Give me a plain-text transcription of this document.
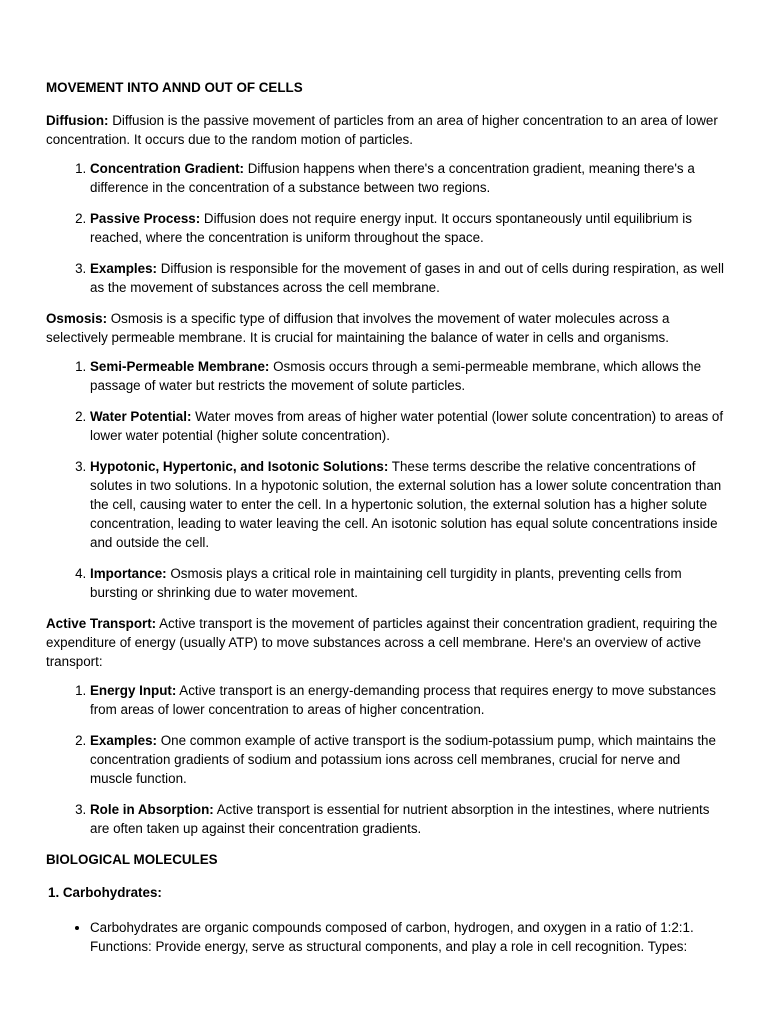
MOVEMENT INTO ANND OUT OF CELLS

Diffusion: Diffusion is the passive movement of particles from an area of higher concentration to an area of lower concentration. It occurs due to the random motion of particles.

1. Concentration Gradient: Diffusion happens when there's a concentration gradient, meaning there's a difference in the concentration of a substance between two regions.
2. Passive Process: Diffusion does not require energy input. It occurs spontaneously until equilibrium is reached, where the concentration is uniform throughout the space.
3. Examples: Diffusion is responsible for the movement of gases in and out of cells during respiration, as well as the movement of substances across the cell membrane.

Osmosis: Osmosis is a specific type of diffusion that involves the movement of water molecules across a selectively permeable membrane. It is crucial for maintaining the balance of water in cells and organisms.

1. Semi-Permeable Membrane: Osmosis occurs through a semi-permeable membrane, which allows the passage of water but restricts the movement of solute particles.
2. Water Potential: Water moves from areas of higher water potential (lower solute concentration) to areas of lower water potential (higher solute concentration).
3. Hypotonic, Hypertonic, and Isotonic Solutions: These terms describe the relative concentrations of solutes in two solutions. In a hypotonic solution, the external solution has a lower solute concentration than the cell, causing water to enter the cell. In a hypertonic solution, the external solution has a higher solute concentration, leading to water leaving the cell. An isotonic solution has equal solute concentrations inside and outside the cell.
4. Importance: Osmosis plays a critical role in maintaining cell turgidity in plants, preventing cells from bursting or shrinking due to water movement.

Active Transport: Active transport is the movement of particles against their concentration gradient, requiring the expenditure of energy (usually ATP) to move substances across a cell membrane. Here's an overview of active transport:

1. Energy Input: Active transport is an energy-demanding process that requires energy to move substances from areas of lower concentration to areas of higher concentration.
2. Examples: One common example of active transport is the sodium-potassium pump, which maintains the concentration gradients of sodium and potassium ions across cell membranes, crucial for nerve and muscle function.
3. Role in Absorption: Active transport is essential for nutrient absorption in the intestines, where nutrients are often taken up against their concentration gradients.
BIOLOGICAL MOLECULES
1. Carbohydrates:
• Carbohydrates are organic compounds composed of carbon, hydrogen, and oxygen in a ratio of 1:2:1. Functions: Provide energy, serve as structural components, and play a role in cell recognition. Types:
